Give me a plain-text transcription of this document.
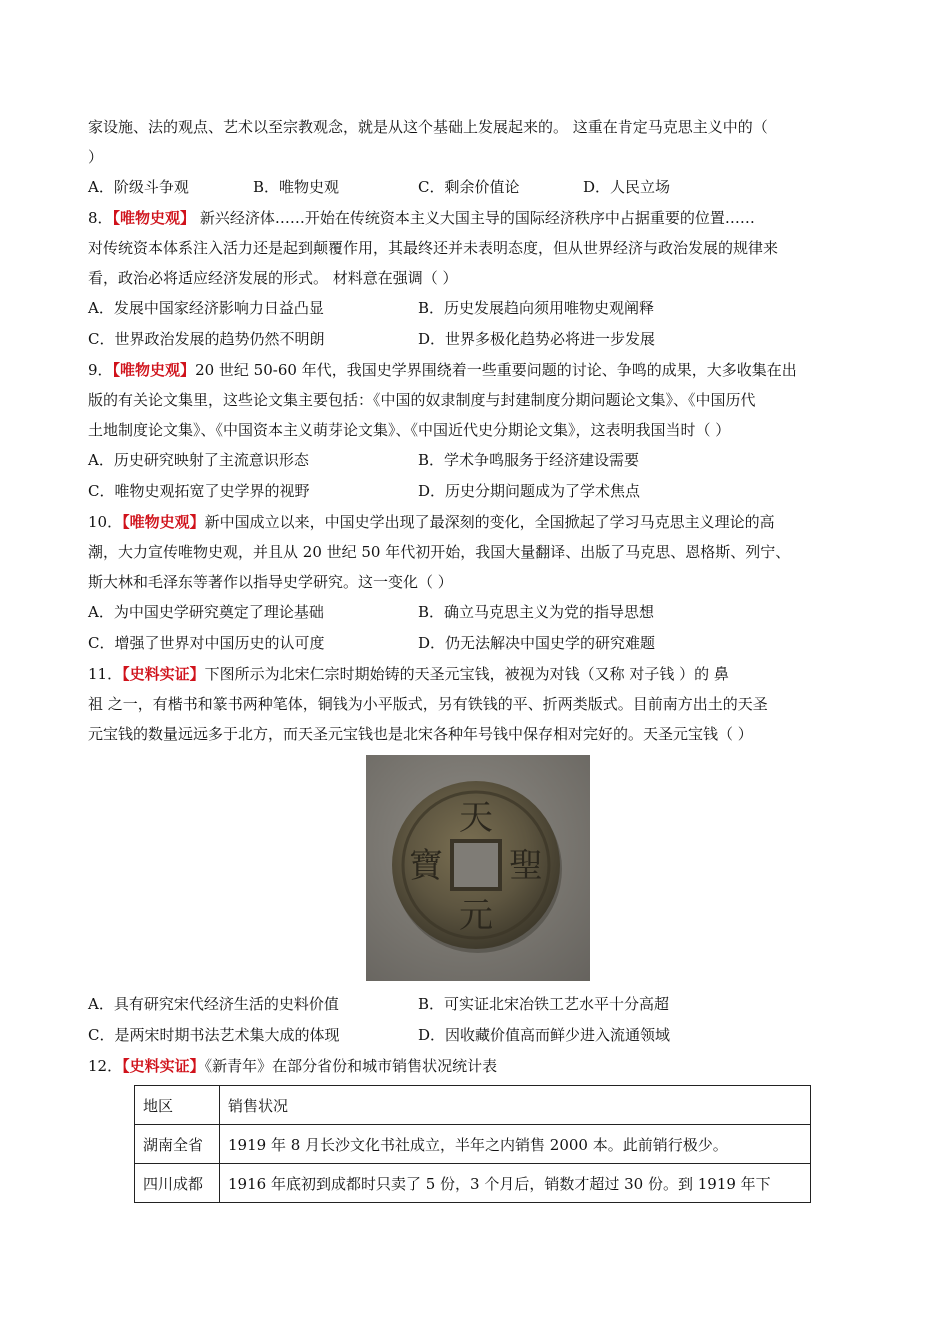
家设施、法的观点、艺术以至宗教观念，就是从这个基础上发展起来的。 这重在肯定马克思主义中的（
）
A．阶级斗争观	B．唯物史观	C．剩余价值论	D．人民立场
8．【唯物史观】 新兴经济体……开始在传统资本主义大国主导的国际经济秩序中占据重要的位置……
对传统资本体系注入活力还是起到颠覆作用，其最终还并未表明态度，但从世界经济与政治发展的规律来
看，政治必将适应经济发展的形式。 材料意在强调（ ）
A．发展中国家经济影响力日益凸显	B．历史发展趋向须用唯物史观阐释
C．世界政治发展的趋势仍然不明朗	D．世界多极化趋势必将进一步发展
9．【唯物史观】20 世纪 50-60 年代，我国史学界围绕着一些重要问题的讨论、争鸣的成果，大多收集在出
版的有关论文集里，这些论文集主要包括：《中国的奴隶制度与封建制度分期问题论文集》、《中国历代
土地制度论文集》、《中国资本主义萌芽论文集》、《中国近代史分期论文集》，这表明我国当时（ ）
A．历史研究映射了主流意识形态	B．学术争鸣服务于经济建设需要
C．唯物史观拓宽了史学界的视野	D．历史分期问题成为了学术焦点
10．【唯物史观】新中国成立以来，中国史学出现了最深刻的变化，全国掀起了学习马克思主义理论的高
潮，大力宣传唯物史观，并且从 20 世纪 50 年代初开始，我国大量翻译、出版了马克思、恩格斯、列宁、
斯大林和毛泽东等著作以指导史学研究。这一变化（ ）
A．为中国史学研究奠定了理论基础	B．确立马克思主义为党的指导思想
C．增强了世界对中国历史的认可度	D．仍无法解决中国史学的研究难题
11．【史料实证】下图所示为北宋仁宗时期始铸的天圣元宝钱，被视为对钱（又称 对子钱 ）的 鼻
祖 之一，有楷书和篆书两种笔体，铜钱为小平版式，另有铁钱的平、折两类版式。目前南方出土的天圣
元宝钱的数量远远多于北方，而天圣元宝钱也是北宋各种年号钱中保存相对完好的。天圣元宝钱（ ）
天
聖
元
寶
A．具有研究宋代经济生活的史料价值	B．可实证北宋冶铁工艺水平十分高超
C．是两宋时期书法艺术集大成的体现	D．因收藏价值高而鲜少进入流通领域
12．【史料实证】《新青年》在部分省份和城市销售状况统计表
地区	销售状况
湖南全省	1919 年 8 月长沙文化书社成立，半年之内销售 2000 本。此前销行极少。
四川成都	1916 年底初到成都时只卖了 5 份，3 个月后，销数才超过 30 份。到 1919 年下
